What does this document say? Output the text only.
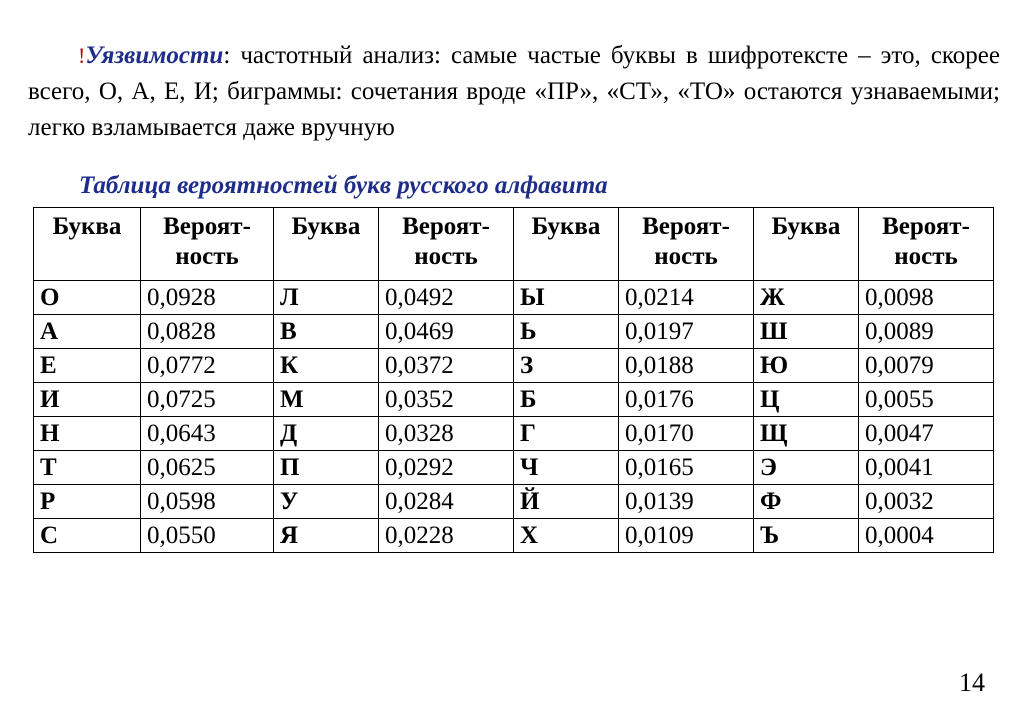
!Уязвимости: частотный анализ: самые частые буквы в шифротексте – это, скорее всего, О, А, Е, И; биграммы: сочетания вроде «ПР», «СТ», «ТО» остаются узнаваемыми; легко взламывается даже вручную
Таблица вероятностей букв русского алфавита
Буква	Вероят-ность	Буква	Вероят-ность	Буква	Вероят-ность	Буква	Вероят-ность
О	0,0928	Л	0,0492	Ы	0,0214	Ж	0,0098
А	0,0828	В	0,0469	Ь	0,0197	Ш	0,0089
Е	0,0772	К	0,0372	З	0,0188	Ю	0,0079
И	0,0725	М	0,0352	Б	0,0176	Ц	0,0055
Н	0,0643	Д	0,0328	Г	0,0170	Щ	0,0047
Т	0,0625	П	0,0292	Ч	0,0165	Э	0,0041
Р	0,0598	У	0,0284	Й	0,0139	Ф	0,0032
С	0,0550	Я	0,0228	Х	0,0109	Ъ	0,0004
14
